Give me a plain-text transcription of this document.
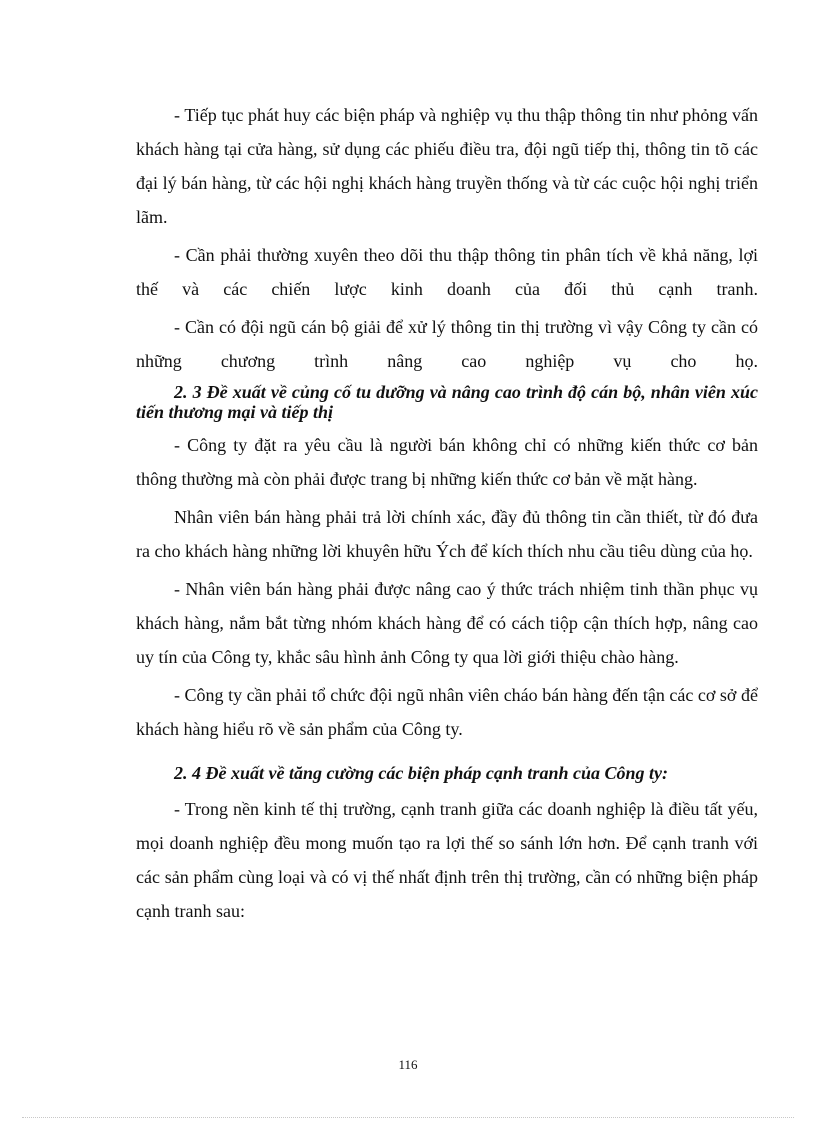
- Tiếp tục phát huy các biện pháp và nghiệp vụ thu thập thông tin như phỏng vấn khách hàng tại cửa hàng, sử dụng các phiếu điều tra, đội ngũ tiếp thị, thông tin tõ các đại lý bán hàng, từ các hội nghị khách hàng truyền thống và từ các cuộc hội nghị triển lãm.

- Cần phải thường xuyên theo dõi thu thập thông tin phân tích về khả năng, lợi thế và các chiến lược kinh doanh của đối thủ cạnh tranh.

- Cần có đội ngũ cán bộ giải để xử lý thông tin thị trường vì vậy Công ty cần có những chương trình nâng cao nghiệp vụ cho họ.

2. 3 Đề xuất về củng cố tu dưỡng và nâng cao trình độ cán bộ, nhân viên xúc tiến thương mại và tiếp thị

- Công ty đặt ra yêu cầu là người bán không chỉ có những kiến thức cơ bản thông thường mà còn phải được trang bị những kiến thức cơ bản về mặt hàng.

Nhân viên bán hàng phải trả lời chính xác, đầy đủ thông tin cần thiết, từ đó đưa ra cho khách hàng những lời khuyên hữu Ých để kích thích nhu cầu tiêu dùng của họ.

- Nhân viên bán hàng phải được nâng cao ý thức trách nhiệm tinh thần phục vụ khách hàng, nắm bắt từng nhóm khách hàng để có cách tiộp cận thích hợp, nâng cao uy tín của Công ty, khắc sâu hình ảnh Công ty qua lời giới thiệu chào hàng.

- Công ty cần phải tổ chức đội ngũ nhân viên cháo bán hàng đến tận các cơ sở để khách hàng hiểu rõ về sản phẩm của Công ty.

2. 4 Đề xuất về tăng cường các biện pháp cạnh tranh của Công ty:

- Trong nền kinh tế thị trường, cạnh tranh giữa các doanh nghiệp là điều tất yếu, mọi doanh nghiệp đều mong muốn tạo ra lợi thế so sánh lớn hơn. Để cạnh tranh với các sản phẩm cùng loại và có vị thế nhất định trên thị trường, cần có những biện pháp cạnh tranh sau:

116
